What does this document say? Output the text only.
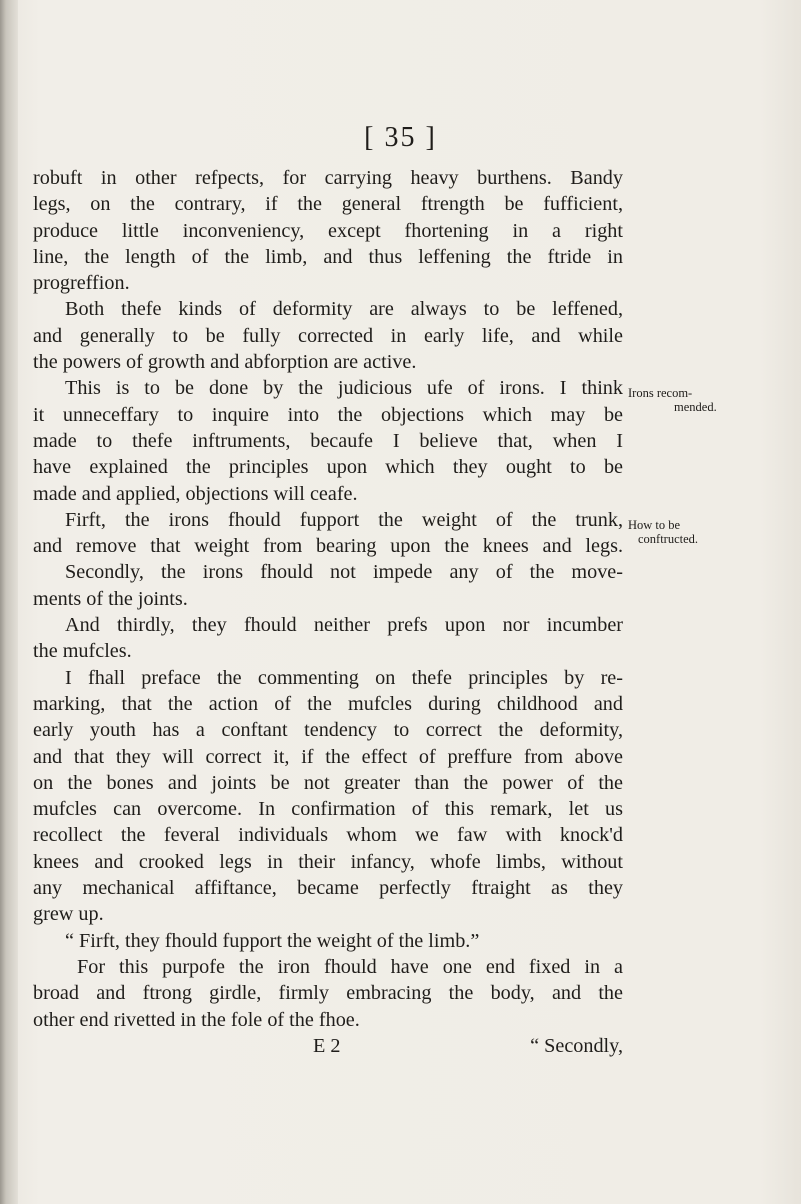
[ 35 ]
robuft in other refpects, for carrying heavy burthens. Bandy
legs, on the contrary, if the general ftrength be fufficient,
produce little inconveniency, except fhortening in a right
line, the length of the limb, and thus leffening the ftride in
progreffion.
Both thefe kinds of deformity are always to be leffened,
and generally to be fully corrected in early life, and while
the powers of growth and abforption are active.
This is to be done by the judicious ufe of irons. I think
it unneceffary to inquire into the objections which may be
made to thefe inftruments, becaufe I believe that, when I
have explained the principles upon which they ought to be
made and applied, objections will ceafe.
Firft, the irons fhould fupport the weight of the trunk,
and remove that weight from bearing upon the knees and legs.
Secondly, the irons fhould not impede any of the move-
ments of the joints.
And thirdly, they fhould neither prefs upon nor incumber
the mufcles.
I fhall preface the commenting on thefe principles by re-
marking, that the action of the mufcles during childhood and
early youth has a conftant tendency to correct the deformity,
and that they will correct it, if the effect of preffure from above
on the bones and joints be not greater than the power of the
mufcles can overcome. In confirmation of this remark, let us
recollect the feveral individuals whom we faw with knock'd
knees and crooked legs in their infancy, whofe limbs, without
any mechanical affiftance, became perfectly ftraight as they
grew up.
“ Firft, they fhould fupport the weight of the limb.”
For this purpofe the iron fhould have one end fixed in a
broad and ftrong girdle, firmly embracing the body, and the
other end rivetted in the fole of the fhoe.
E 2	“ Secondly,
Irons recom-
mended.
How to be
conftructed.
